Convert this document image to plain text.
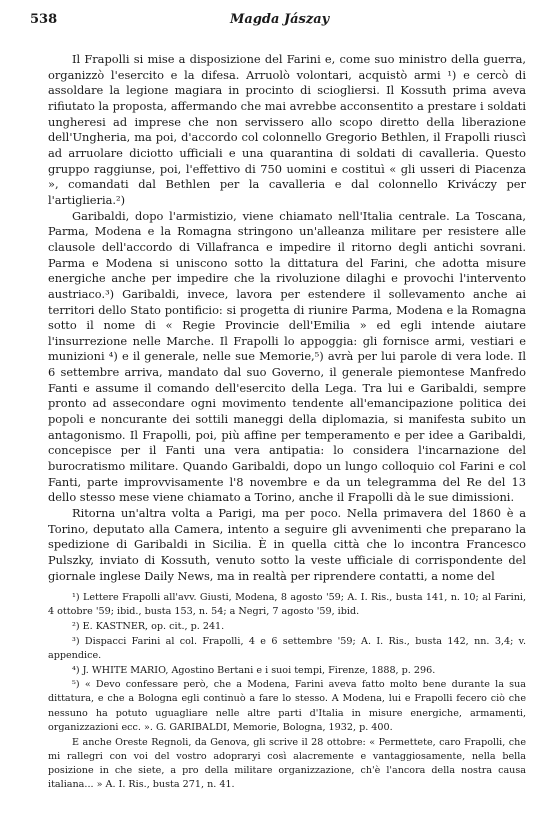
538	Magda Jászay

Il Frapolli si mise a disposizione del Farini e, come suo ministro della guerra, organizzò l'esercito e la difesa. Arruolò volontari, acquistò armi ¹) e cercò di assoldare la legione magiara in procinto di sciogliersi. Il Kossuth prima aveva rifiutato la proposta, affermando che mai avrebbe acconsentito a prestare i soldati ungheresi ad imprese che non servissero allo scopo diretto della liberazione dell'Ungheria, ma poi, d'accordo col colonnello Gregorio Bethlen, il Frapolli riuscì ad arruolare diciotto ufficiali e una quarantina di soldati di cavalleria. Questo gruppo raggiunse, poi, l'effettivo di 750 uomini e costituì « gli usseri di Piacenza », comandati dal Bethlen per la cavalleria e dal colonnello Kriváczy per l'artiglieria.²)

Garibaldi, dopo l'armistizio, viene chiamato nell'Italia centrale. La Toscana, Parma, Modena e la Romagna stringono un'alleanza militare per resistere alle clausole dell'accordo di Villafranca e impedire il ritorno degli antichi sovrani. Parma e Modena si uniscono sotto la dittatura del Farini, che adotta misure energiche anche per impedire che la rivoluzione dilaghi e provochi l'intervento austriaco.³) Garibaldi, invece, lavora per estendere il sollevamento anche ai territori dello Stato pontificio: si progetta di riunire Parma, Modena e la Romagna sotto il nome di « Regie Provincie dell'Emilia » ed egli intende aiutare l'insurrezione nelle Marche. Il Frapolli lo appoggia: gli fornisce armi, vestiari e munizioni ⁴) e il generale, nelle sue Memorie,⁵) avrà per lui parole di vera lode. Il 6 settembre arriva, mandato dal suo Governo, il generale piemontese Manfredo Fanti e assume il comando dell'esercito della Lega. Tra lui e Garibaldi, sempre pronto ad assecondare ogni movimento tendente all'emancipazione politica dei popoli e noncurante dei sottili maneggi della diplomazia, si manifesta subito un antagonismo. Il Frapolli, poi, più affine per temperamento e per idee a Garibaldi, concepisce per il Fanti una vera antipatia: lo considera l'incarnazione del burocratismo militare. Quando Garibaldi, dopo un lungo colloquio col Farini e col Fanti, parte improvvisamente l'8 novembre e da un telegramma del Re del 13 dello stesso mese viene chiamato a Torino, anche il Frapolli dà le sue dimissioni.

Ritorna un'altra volta a Parigi, ma per poco. Nella primavera del 1860 è a Torino, deputato alla Camera, intento a seguire gli avvenimenti che preparano la spedizione di Garibaldi in Sicilia. È in quella città che lo incontra Francesco Pulszky, inviato di Kossuth, venuto sotto la veste ufficiale di corrispondente del giornale inglese Daily News, ma in realtà per riprendere contatti, a nome del

¹) Lettere Frapolli all'avv. Giusti, Modena, 8 agosto '59; A. I. Ris., busta 141, n. 10; al Farini, 4 ottobre '59; ibid., busta 153, n. 54; a Negri, 7 agosto '59, ibid.

²) E. KASTNER, op. cit., p. 241.

³) Dispacci Farini al col. Frapolli, 4 e 6 settembre '59; A. I. Ris., busta 142, nn. 3,4; v. appendice.

⁴) J. WHITE MARIO, Agostino Bertani e i suoi tempi, Firenze, 1888, p. 296.

⁵) « Devo confessare però, che a Modena, Farini aveva fatto molto bene durante la sua dittatura, e che a Bologna egli continuò a fare lo stesso. A Modena, lui e Frapolli fecero ciò che nessuno ha potuto uguagliare nelle altre parti d'Italia in misure energiche, armamenti, organizzazioni ecc. ». G. GARIBALDI, Memorie, Bologna, 1932, p. 400.

E anche Oreste Regnoli, da Genova, gli scrive il 28 ottobre: « Permettete, caro Frapolli, che mi rallegri con voi del vostro adopraryi così alacremente e vantaggiosamente, nella bella posizione in che siete, a pro della militare organizzazione, ch'è l'ancora della nostra causa italiana... » A. I. Ris., busta 271, n. 41.
